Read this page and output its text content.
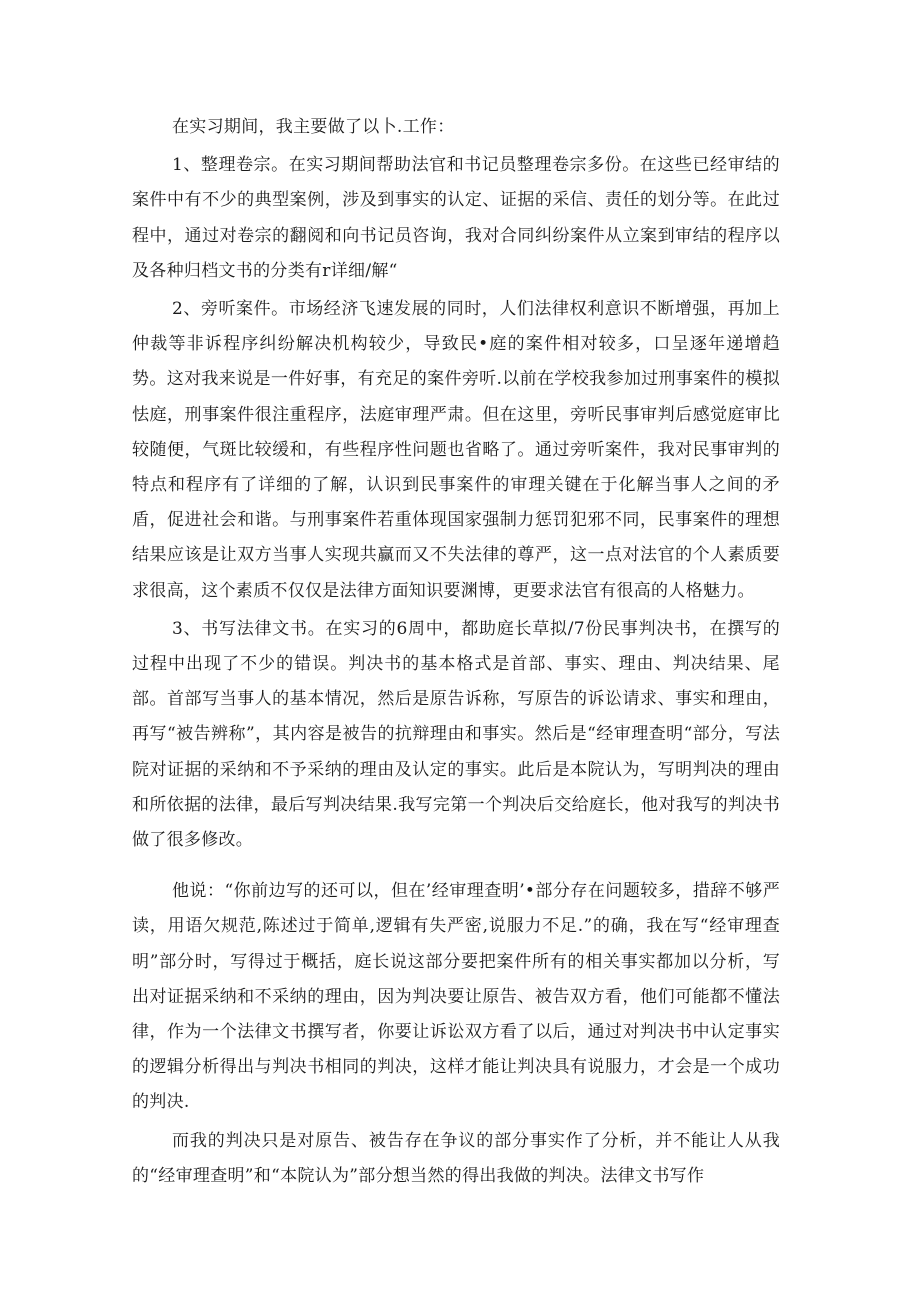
在实习期间，我主要做了以卜.工作：

1、整理卷宗。在实习期间帮助法官和书记员整理卷宗多份。在这些已经审结的案件中有不少的典型案例，涉及到事实的认定、证据的采信、责任的划分等。在此过程中，通过对卷宗的翻阅和向书记员咨询，我对合同纠纷案件从立案到审结的程序以及各种归档文书的分类有r详细/解“

2、旁听案件。市场经济飞速发展的同时，人们法律权利意识不断增强，再加上仲裁等非诉程序纠纷解决机构较少，导致民•庭的案件相对较多，口呈逐年递增趋势。这对我来说是一件好事，有充足的案件旁听.以前在学校我参加过刑事案件的模拟怯庭，刑事案件很注重程序，法庭审理严肃。但在这里，旁听民事审判后感觉庭审比较随便，气斑比较缓和，有些程序性问题也省略了。通过旁听案件，我对民事审判的特点和程序有了详细的了解，认识到民事案件的审理关键在于化解当事人之间的矛盾，促进社会和谐。与刑事案件若重体现国家强制力惩罚犯邪不同，民事案件的理想结果应该是让双方当事人实现共赢而又不失法律的尊严，这一点对法官的个人素质要求很高，这个素质不仅仅是法律方面知识要渊博，更要求法官有很高的人格魅力。

3、书写法律文书。在实习的6周中，都助庭长草拟/7份民事判决书，在撰写的过程中出现了不少的错误。判决书的基本格式是首部、事实、理由、判决结果、尾部。首部写当事人的基本情况，然后是原告诉称，写原告的诉讼请求、事实和理由，再写“被告辨称”，其内容是被告的抗辩理由和事实。然后是“经审理查明“部分，写法院对证据的采纳和不予采纳的理由及认定的事实。此后是本院认为，写明判决的理由和所依据的法律，最后写判决结果.我写完第一个判决后交给庭长，他对我写的判决书做了很多修改。

他说：“你前边写的还可以，但在’经审理查明’•部分存在问题较多，措辞不够严读，用语欠规范,陈述过于简单,逻辑有失严密,说服力不足.”的确，我在写“经审理查明”部分时，写得过于概括，庭长说这部分要把案件所有的相关事实都加以分析，写出对证据采纳和不采纳的理由，因为判决要让原告、被告双方看，他们可能都不懂法律，作为一个法律文书撰写者，你要让诉讼双方看了以后，通过对判决书中认定事实的逻辑分析得出与判决书相同的判决，这样才能让判决具有说服力，才会是一个成功的判决.

而我的判决只是对原告、被告存在争议的部分事实作了分析，并不能让人从我的“经审理查明”和“本院认为”部分想当然的得出我做的判决。法律文书写作
